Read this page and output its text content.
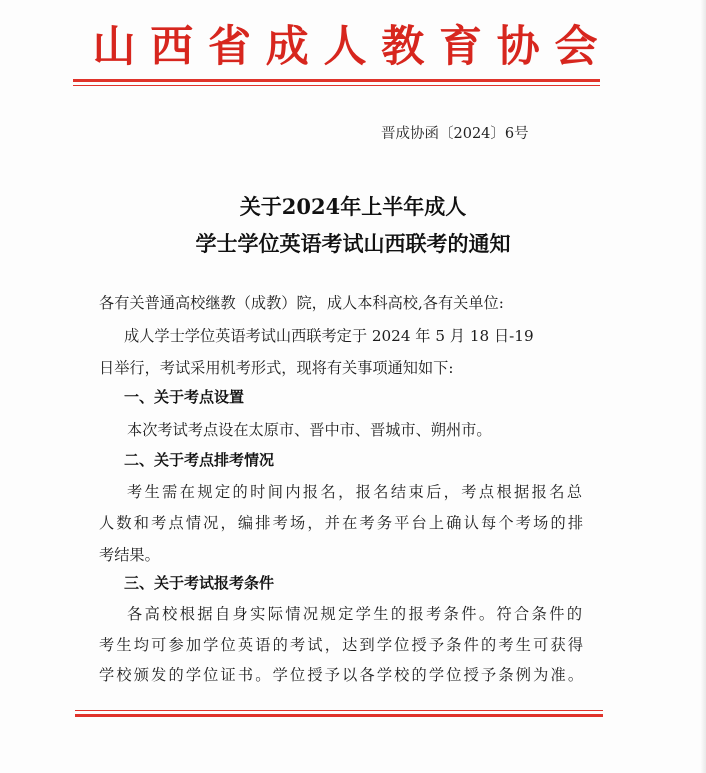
山 西 省 成 人 教 育 协 会
晋成协函〔2024〕6号
关于2024年上半年成人
学士学位英语考试山西联考的通知
各有关普通高校继教（成教）院，成人本科高校,各有关单位:
成人学士学位英语考试山西联考定于 2024 年 5 月 18 日-19
日举行，考试采用机考形式，现将有关事项通知如下:
一、关于考点设置
本次考试考点设在太原市、晋中市、晋城市、朔州市。
二、关于考点排考情况
考生需在规定的时间内报名，报名结束后，考点根据报名总
人数和考点情况，编排考场，并在考务平台上确认每个考场的排
考结果。
三、关于考试报考条件
各高校根据自身实际情况规定学生的报考条件。符合条件的
考生均可参加学位英语的考试，达到学位授予条件的考生可获得
学校颁发的学位证书。学位授予以各学校的学位授予条例为准。
